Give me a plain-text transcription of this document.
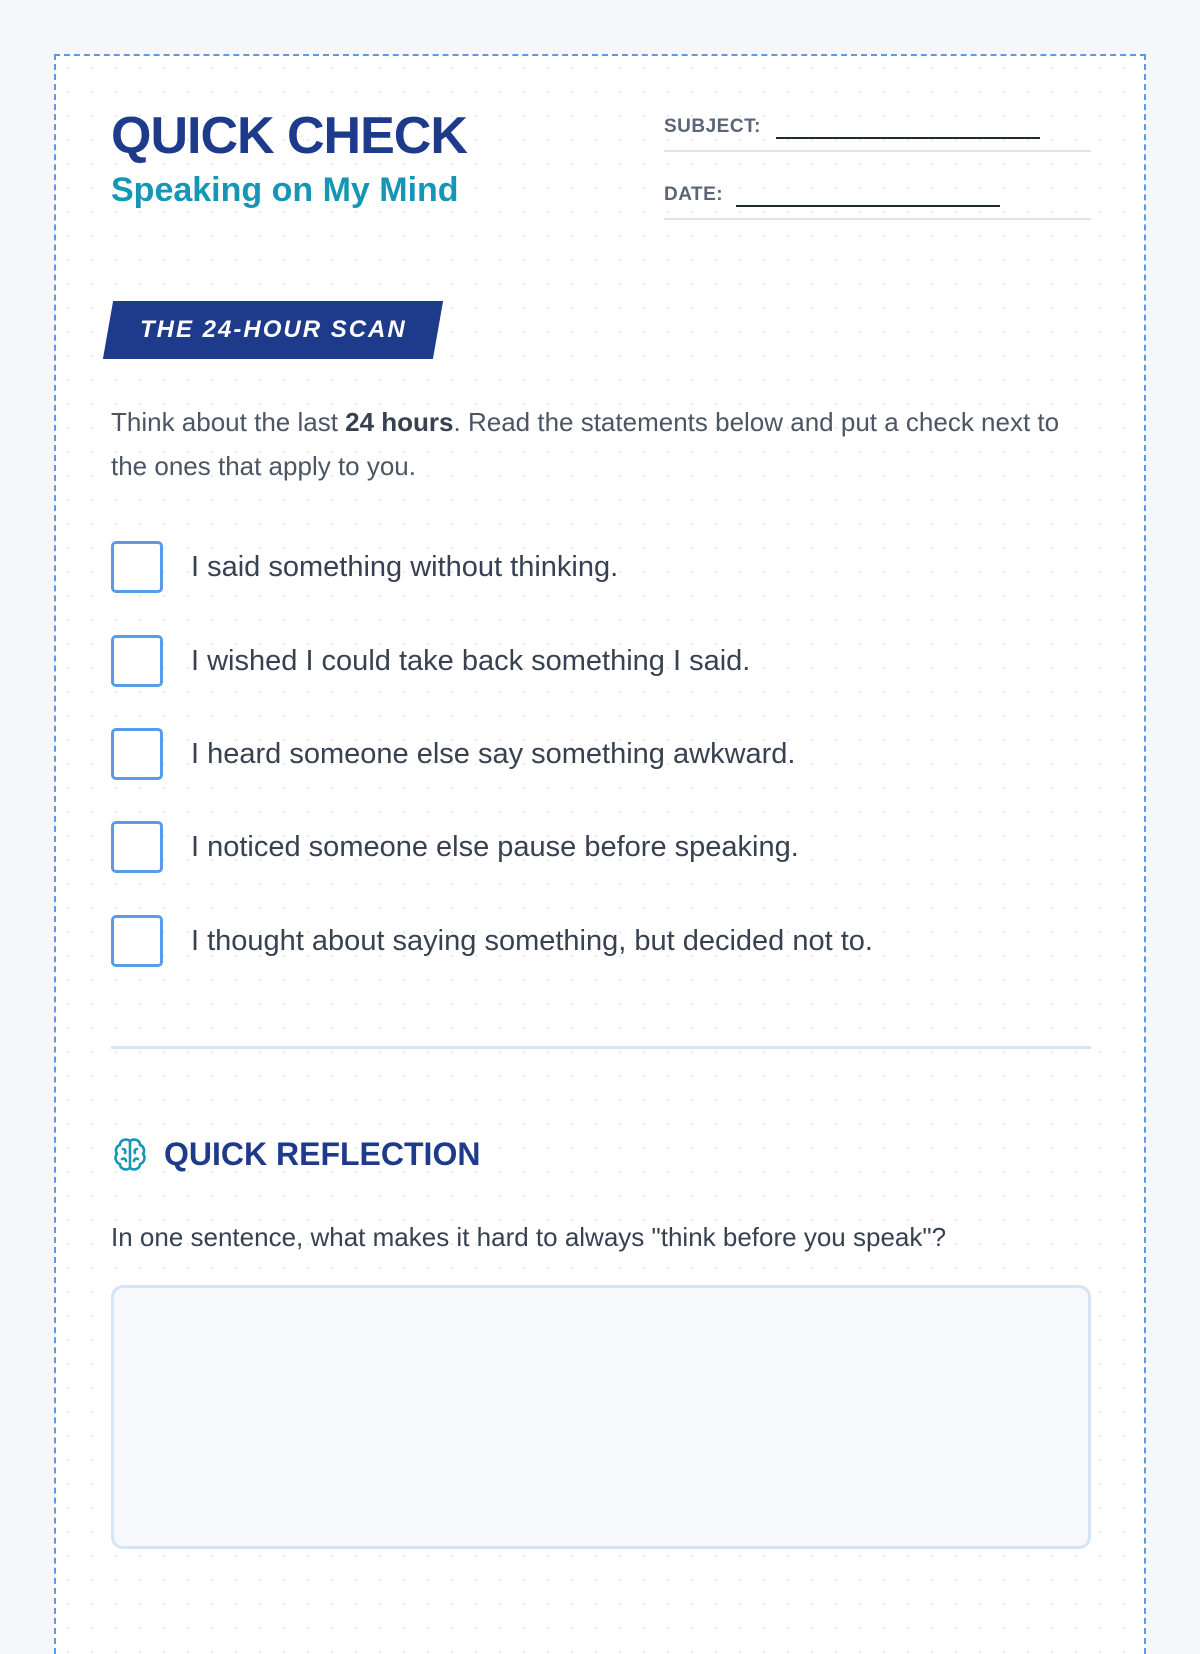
QUICK CHECK
Speaking on My Mind
SUBJECT:
DATE:
THE 24-HOUR SCAN
Think about the last 24 hours. Read the statements below and put a check next to the ones that apply to you.
I said something without thinking.
I wished I could take back something I said.
I heard someone else say something awkward.
I noticed someone else pause before speaking.
I thought about saying something, but decided not to.
QUICK REFLECTION
In one sentence, what makes it hard to always "think before you speak"?
